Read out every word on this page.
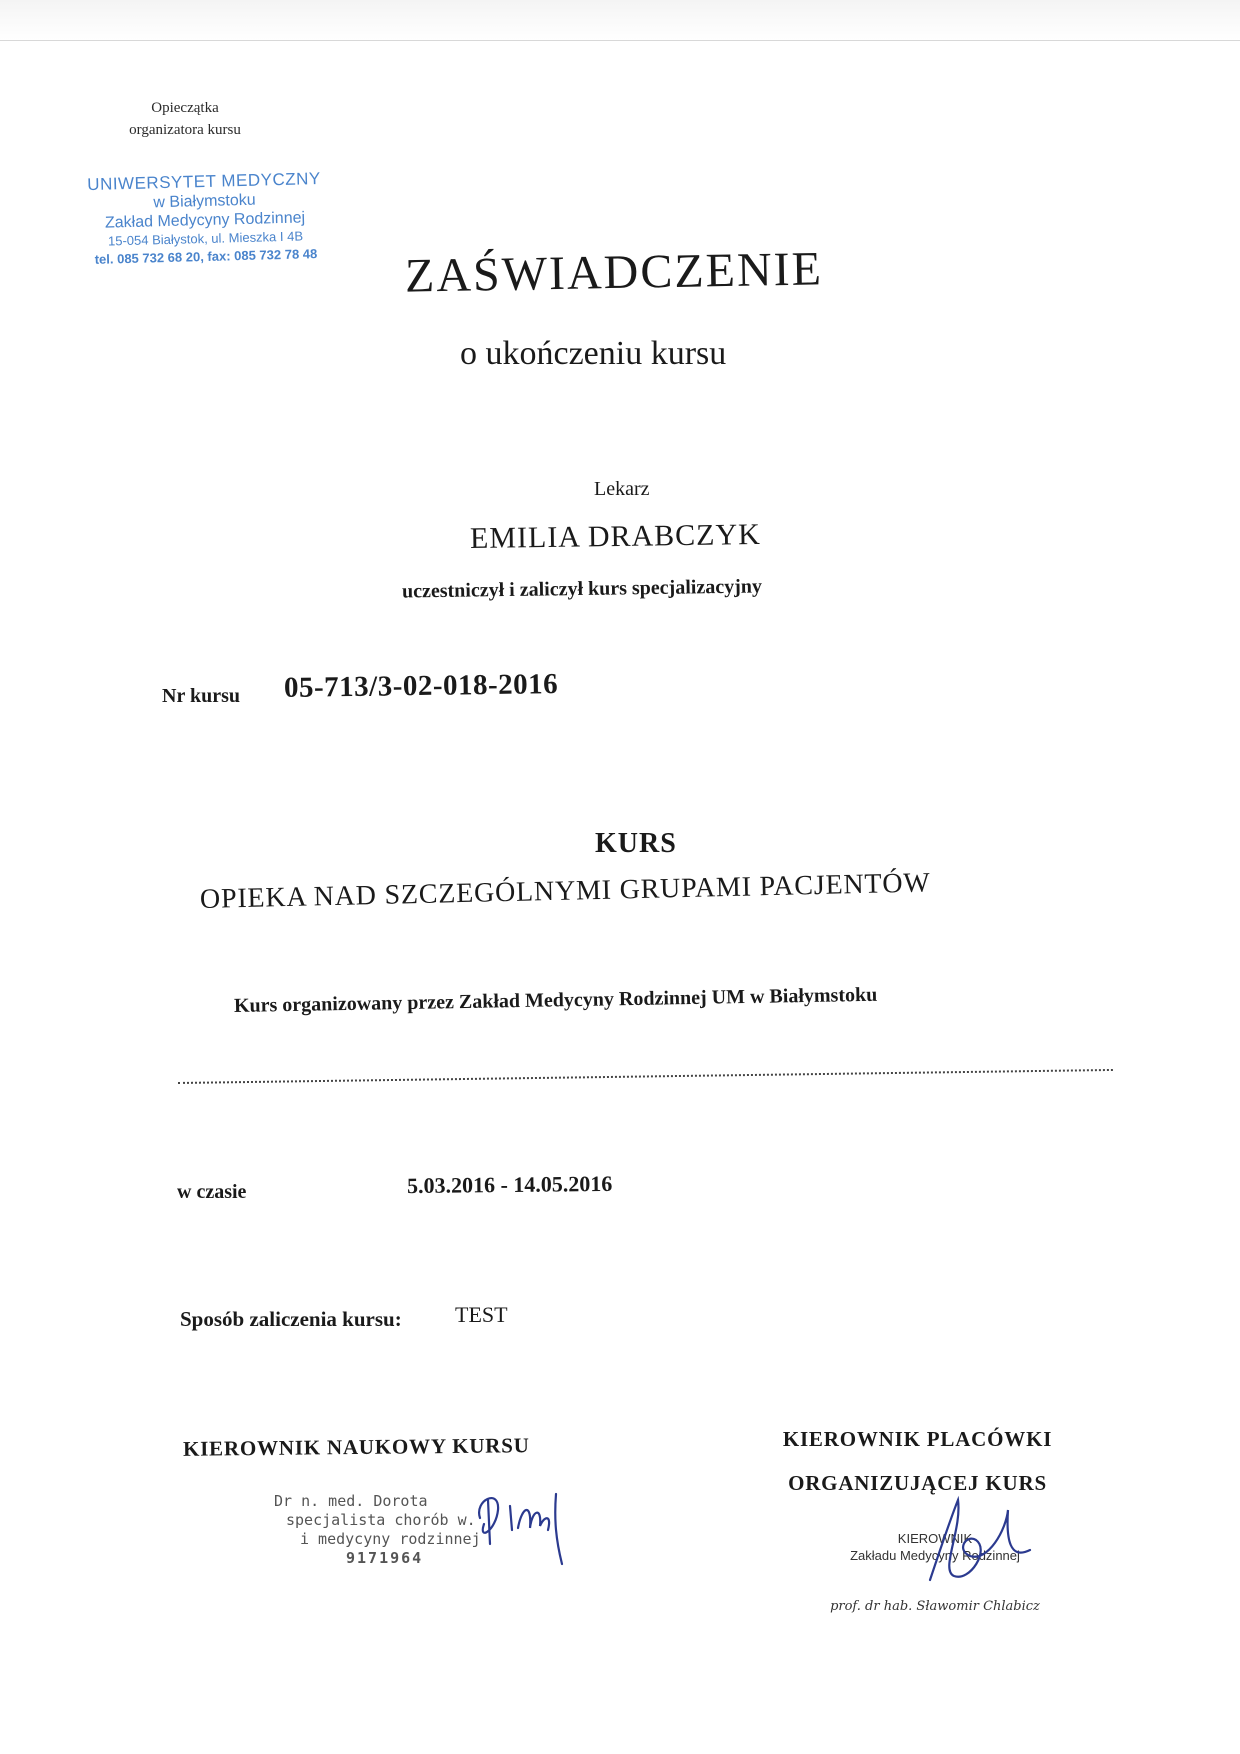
Opieczątka
organizatora kursu
UNIWERSYTET MEDYCZNY
w Białymstoku
Zakład Medycyny Rodzinnej
15-054 Białystok, ul. Mieszka I 4B
tel. 085 732 68 20, fax: 085 732 78 48	ZAŚWIADCZENIE
o ukończeniu kursu
Lekarz
EMILIA DRABCZYK
uczestniczył i zaliczył kurs specjalizacyjny
Nr kursu 05-713/3-02-018-2016
KURS
OPIEKA NAD SZCZEGÓLNYMI GRUPAMI PACJENTÓW
Kurs organizowany przez Zakład Medycyny Rodzinnej UM w Białymstoku
w czasie	5.03.2016 - 14.05.2016
Sposób zaliczenia kursu: TEST
KIEROWNIK NAUKOWY KURSU	KIEROWNIK PLACÓWKI ORGANIZUJĄCEJ KURS
Dr n. med. Dorota
specjalista chorób w.
i medycyny rodzinnej
9171964
KIEROWNIK
Zakładu Medycyny Rodzinnej
prof. dr hab. Sławomir Chlabicz
